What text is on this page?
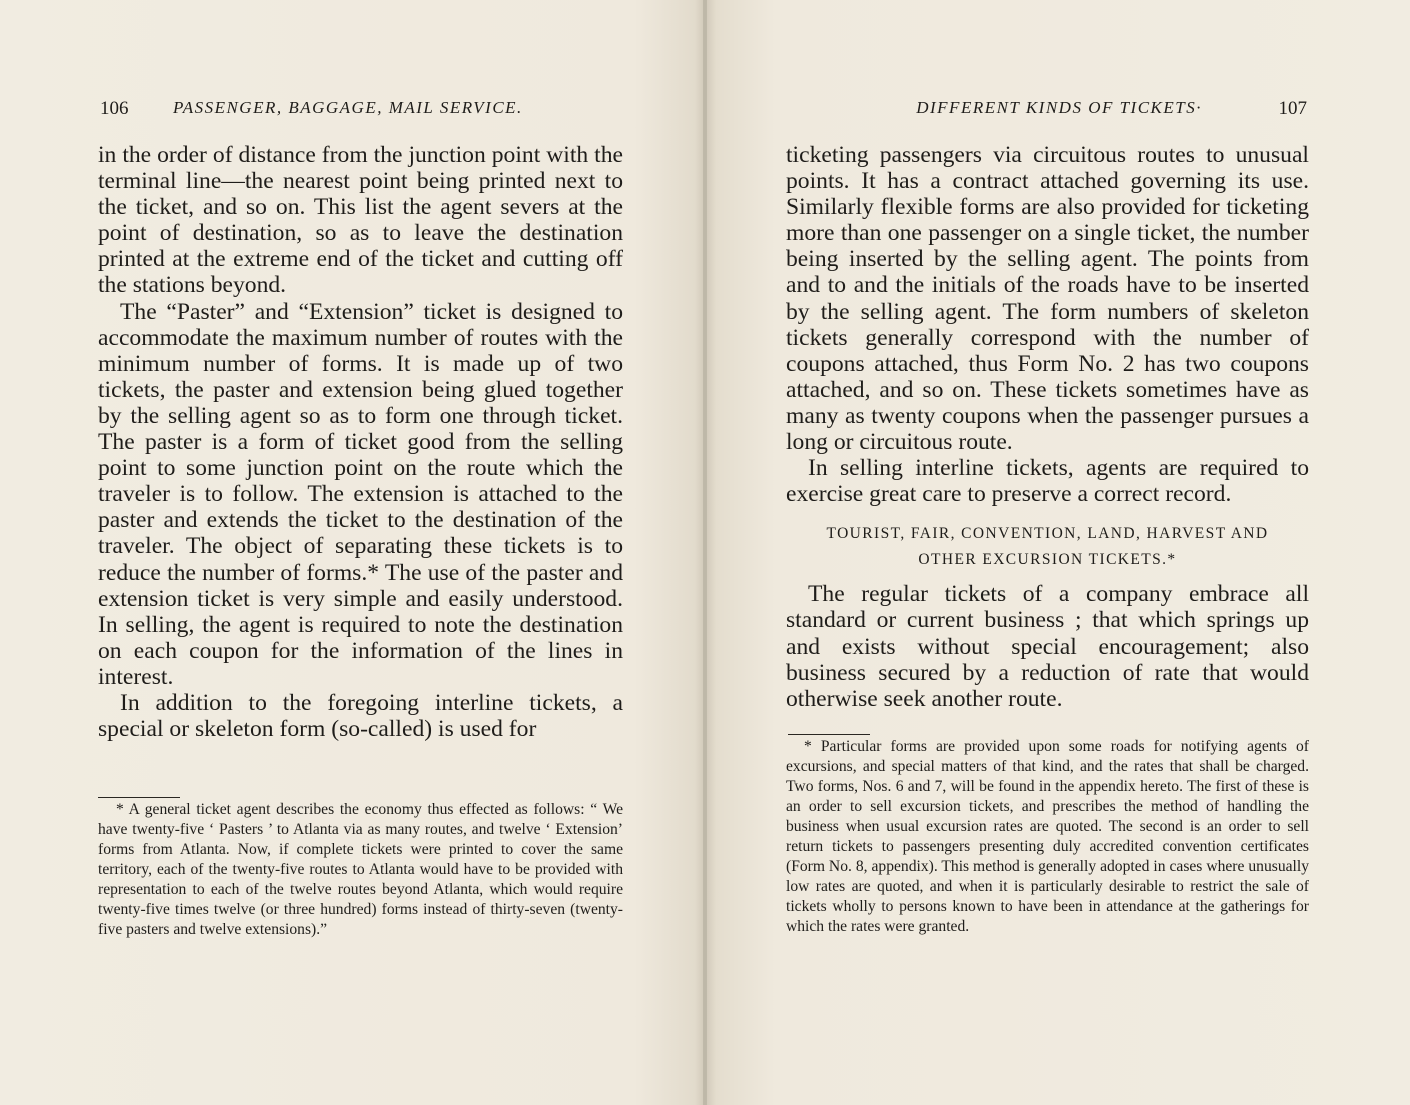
106	PASSENGER, BAGGAGE, MAIL SERVICE.

in the order of distance from the junction point with the terminal line—the nearest point being printed next to the ticket, and so on. This list the agent severs at the point of destination, so as to leave the destination printed at the extreme end of the ticket and cutting off the stations beyond.

The “Paster” and “Extension” ticket is designed to accommodate the maximum number of routes with the minimum number of forms. It is made up of two tickets, the paster and extension being glued together by the selling agent so as to form one through ticket. The paster is a form of ticket good from the selling point to some junction point on the route which the traveler is to follow. The extension is attached to the paster and extends the ticket to the destination of the traveler. The object of separating these tickets is to reduce the number of forms.* The use of the paster and extension ticket is very simple and easily understood. In selling, the agent is required to note the destination on each coupon for the information of the lines in interest.

In addition to the foregoing interline tickets, a special or skeleton form (so-called) is used for

* A general ticket agent describes the economy thus effected as follows: “ We have twenty-five ‘ Pasters ’ to Atlanta via as many routes, and twelve ‘ Extension’ forms from Atlanta. Now, if complete tickets were printed to cover the same territory, each of the twenty-five routes to Atlanta would have to be provided with representation to each of the twelve routes beyond Atlanta, which would require twenty-five times twelve (or three hundred) forms instead of thirty-seven (twenty-five pasters and twelve extensions).”

DIFFERENT KINDS OF TICKETS·	107

ticketing passengers via circuitous routes to unusual points. It has a contract attached governing its use. Similarly flexible forms are also provided for ticketing more than one passenger on a single ticket, the number being inserted by the selling agent. The points from and to and the initials of the roads have to be inserted by the selling agent. The form numbers of skeleton tickets generally correspond with the number of coupons attached, thus Form No. 2 has two coupons attached, and so on. These tickets sometimes have as many as twenty coupons when the passenger pursues a long or circuitous route.

In selling interline tickets, agents are required to exercise great care to preserve a correct record.

TOURIST, FAIR, CONVENTION, LAND, HARVEST AND
OTHER EXCURSION TICKETS.*

The regular tickets of a company embrace all standard or current business ; that which springs up and exists without special encouragement; also business secured by a reduction of rate that would otherwise seek another route.

* Particular forms are provided upon some roads for notifying agents of excursions, and special matters of that kind, and the rates that shall be charged. Two forms, Nos. 6 and 7, will be found in the appendix hereto. The first of these is an order to sell excursion tickets, and prescribes the method of handling the business when usual excursion rates are quoted. The second is an order to sell return tickets to passengers presenting duly accredited convention certificates (Form No. 8, appendix). This method is generally adopted in cases where unusually low rates are quoted, and when it is particularly desirable to restrict the sale of tickets wholly to persons known to have been in attendance at the gatherings for which the rates were granted.
